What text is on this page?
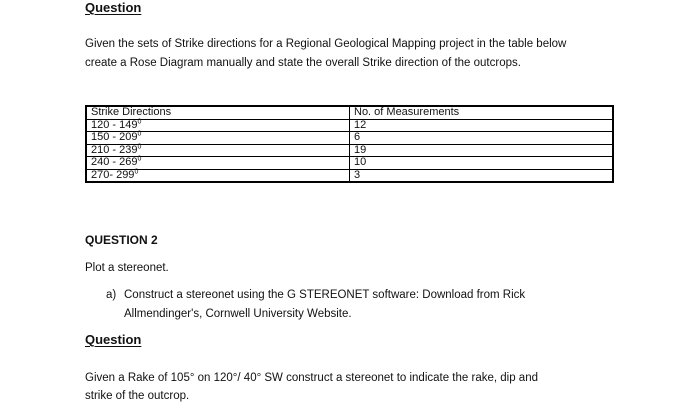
Question
Given the sets of Strike directions for a Regional Geological Mapping project in the table below
create a Rose Diagram manually and state the overall Strike direction of the outcrops.
Strike Directions	No. of Measurements
$120 - 149^0$	12
$150 - 209^0$	6
$210 - 239^0$	19
$240 - 269^0$	10
270- $299^0$	3
QUESTION 2
Plot a stereonet.
a) Construct a stereonet using the G STEREONET software: Download from Rick
Allmendinger's, Cornwell University Website.
Question
Given a Rake of 105° on 120°/ 40° SW construct a stereonet to indicate the rake, dip and
strike of the outcrop.
